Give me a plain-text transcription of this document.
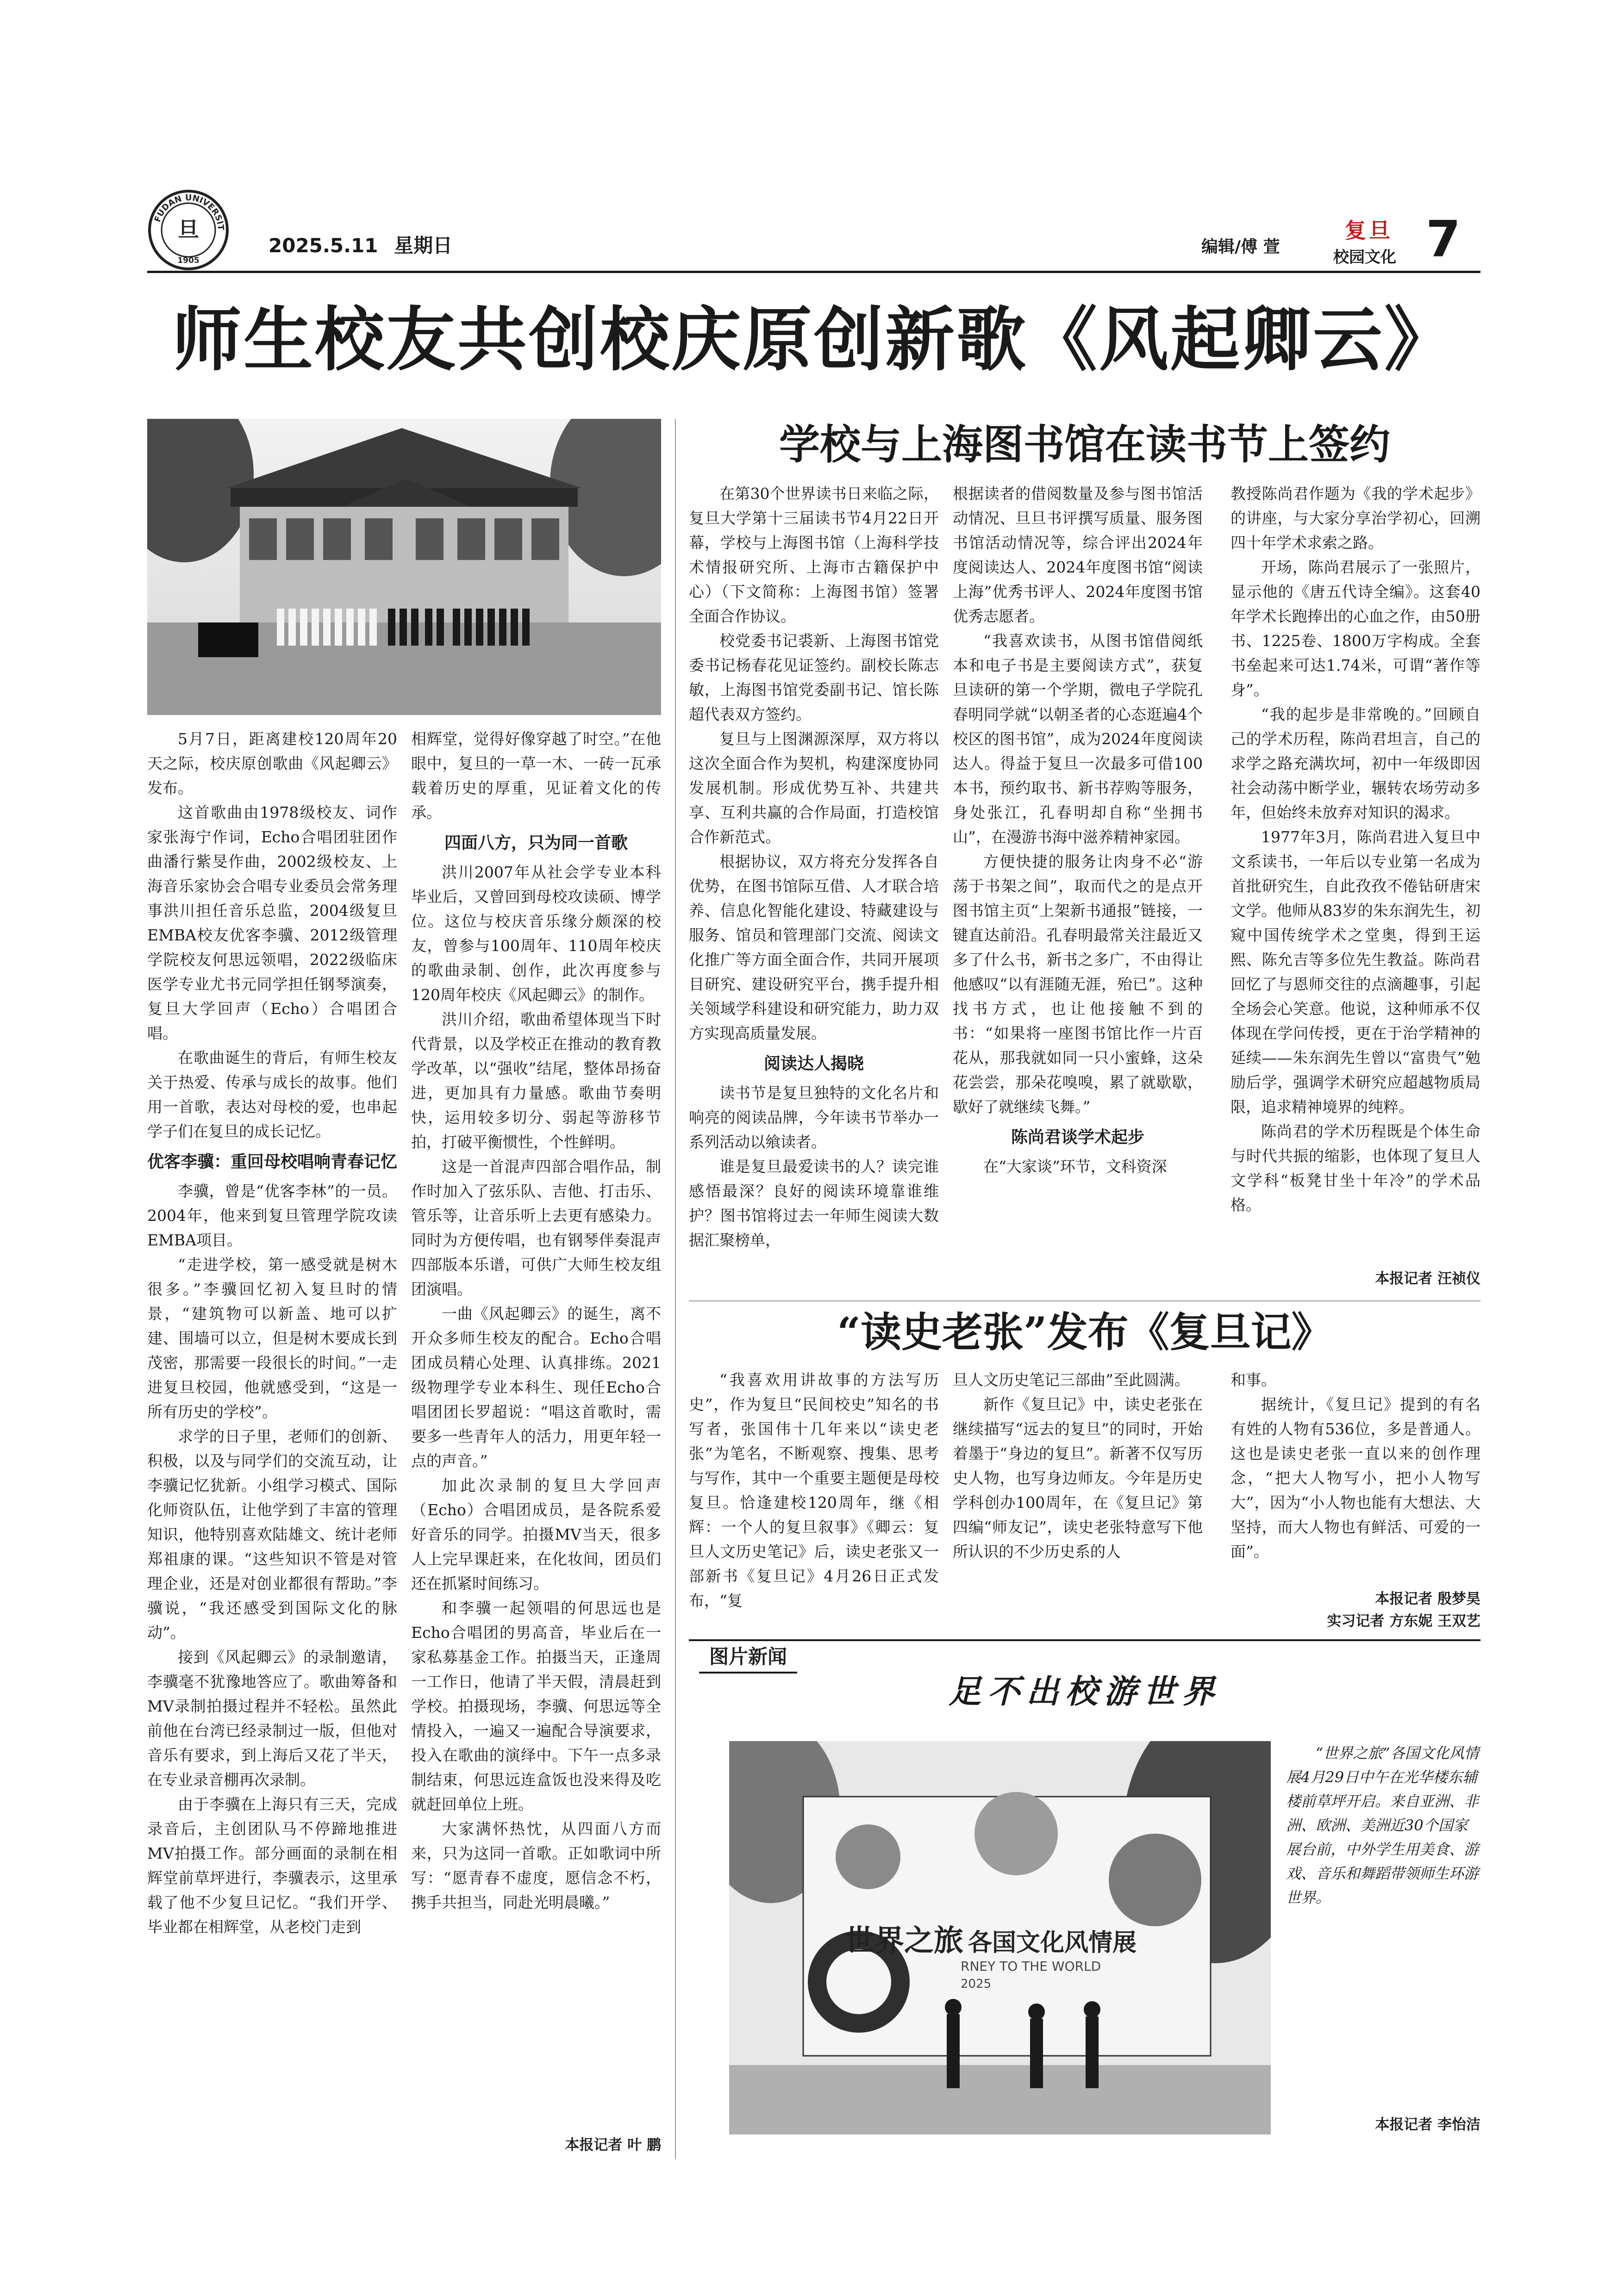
FUDAN UNIVERSIT
旦
1905
2025.5.11 星期日	编辑/傅 萱
复旦
校园文化 7
师生校友共创校庆原创新歌《风起卿云》

5月7日，距离建校120周年20天之际，校庆原创歌曲《风起卿云》发布。

这首歌曲由1978级校友、词作家张海宁作词，Echo合唱团驻团作曲潘行紫旻作曲，2002级校友、上海音乐家协会合唱专业委员会常务理事洪川担任音乐总监，2004级复旦EMBA校友优客李骥、2012级管理学院校友何思远领唱，2022级临床医学专业尤书元同学担任钢琴演奏，复旦大学回声（Echo）合唱团合唱。

在歌曲诞生的背后，有师生校友关于热爱、传承与成长的故事。他们用一首歌，表达对母校的爱，也串起学子们在复旦的成长记忆。

优客李骥：重回母校唱响青春记忆

李骥，曾是“优客李林”的一员。2004年，他来到复旦管理学院攻读EMBA项目。

“走进学校，第一感受就是树木很多。”李骥回忆初入复旦时的情景，“建筑物可以新盖、地可以扩建、围墙可以立，但是树木要成长到茂密，那需要一段很长的时间。”一走进复旦校园，他就感受到，“这是一所有历史的学校”。

求学的日子里，老师们的创新、积极，以及与同学们的交流互动，让李骥记忆犹新。小组学习模式、国际化师资队伍，让他学到了丰富的管理知识，他特别喜欢陆雄文、统计老师郑祖康的课。“这些知识不管是对管理企业，还是对创业都很有帮助。”李骥说，“我还感受到国际文化的脉动”。

接到《风起卿云》的录制邀请，李骥毫不犹豫地答应了。歌曲筹备和MV录制拍摄过程并不轻松。虽然此前他在台湾已经录制过一版，但他对音乐有要求，到上海后又花了半天，在专业录音棚再次录制。

由于李骥在上海只有三天，完成录音后，主创团队马不停蹄地推进MV拍摄工作。部分画面的录制在相辉堂前草坪进行，李骥表示，这里承载了他不少复旦记忆。“我们开学、毕业都在相辉堂，从老校门走到

相辉堂，觉得好像穿越了时空。”在他眼中，复旦的一草一木、一砖一瓦承载着历史的厚重，见证着文化的传承。

四面八方，只为同一首歌

洪川2007年从社会学专业本科毕业后，又曾回到母校攻读硕、博学位。这位与校庆音乐缘分颇深的校友，曾参与100周年、110周年校庆的歌曲录制、创作，此次再度参与120周年校庆《风起卿云》的制作。

洪川介绍，歌曲希望体现当下时代背景，以及学校正在推动的教育教学改革，以“强收”结尾，整体昂扬奋进，更加具有力量感。歌曲节奏明快，运用较多切分、弱起等游移节拍，打破平衡惯性，个性鲜明。

这是一首混声四部合唱作品，制作时加入了弦乐队、吉他、打击乐、管乐等，让音乐听上去更有感染力。同时为方便传唱，也有钢琴伴奏混声四部版本乐谱，可供广大师生校友组团演唱。

一曲《风起卿云》的诞生，离不开众多师生校友的配合。Echo合唱团成员精心处理、认真排练。2021级物理学专业本科生、现任Echo合唱团团长罗超说：“唱这首歌时，需要多一些青年人的活力，用更年轻一点的声音。”

加此次录制的复旦大学回声（Echo）合唱团成员，是各院系爱好音乐的同学。拍摄MV当天，很多人上完早课赶来，在化妆间，团员们还在抓紧时间练习。

和李骥一起领唱的何思远也是Echo合唱团的男高音，毕业后在一家私募基金工作。拍摄当天，正逢周一工作日，他请了半天假，清晨赶到学校。拍摄现场，李骥、何思远等全情投入，一遍又一遍配合导演要求，投入在歌曲的演绎中。下午一点多录制结束，何思远连盒饭也没来得及吃就赶回单位上班。

大家满怀热忱，从四面八方而来，只为这同一首歌。正如歌词中所写：“愿青春不虚度，愿信念不朽，携手共担当，同赴光明晨曦。”

本报记者 叶 鹏
学校与上海图书馆在读书节上签约

在第30个世界读书日来临之际，复旦大学第十三届读书节4月22日开幕，学校与上海图书馆（上海科学技术情报研究所、上海市古籍保护中心）（下文简称：上海图书馆）签署全面合作协议。

校党委书记裘新、上海图书馆党委书记杨春花见证签约。副校长陈志敏，上海图书馆党委副书记、馆长陈超代表双方签约。

复旦与上图渊源深厚，双方将以这次全面合作为契机，构建深度协同发展机制。形成优势互补、共建共享、互利共赢的合作局面，打造校馆合作新范式。

根据协议，双方将充分发挥各自优势，在图书馆际互借、人才联合培养、信息化智能化建设、特藏建设与服务、馆员和管理部门交流、阅读文化推广等方面全面合作，共同开展项目研究、建设研究平台，携手提升相关领域学科建设和研究能力，助力双方实现高质量发展。

阅读达人揭晓

读书节是复旦独特的文化名片和响亮的阅读品牌，今年读书节举办一系列活动以飨读者。

谁是复旦最爱读书的人？读完谁感悟最深？良好的阅读环境靠谁维护？图书馆将过去一年师生阅读大数据汇聚榜单，

根据读者的借阅数量及参与图书馆活动情况、旦旦书评撰写质量、服务图书馆活动情况等，综合评出2024年度阅读达人、2024年度图书馆“阅读上海”优秀书评人、2024年度图书馆优秀志愿者。

“我喜欢读书，从图书馆借阅纸本和电子书是主要阅读方式”，获复旦读研的第一个学期，微电子学院孔春明同学就“以朝圣者的心态逛遍4个校区的图书馆”，成为2024年度阅读达人。得益于复旦一次最多可借100本书，预约取书、新书荐购等服务，身处张江，孔春明却自称“坐拥书山”，在漫游书海中滋养精神家园。

方便快捷的服务让肉身不必“游荡于书架之间”，取而代之的是点开图书馆主页“上架新书通报”链接，一键直达前沿。孔春明最常关注最近又多了什么书，新书之多广，不由得让他感叹“以有涯随无涯，殆已”。这种找书方式，也让他接触不到的书：“如果将一座图书馆比作一片百花从，那我就如同一只小蜜蜂，这朵花尝尝，那朵花嗅嗅，累了就歇歇，歇好了就继续飞舞。”

陈尚君谈学术起步

在“大家谈”环节，文科资深

教授陈尚君作题为《我的学术起步》的讲座，与大家分享治学初心，回溯四十年学术求索之路。

开场，陈尚君展示了一张照片，显示他的《唐五代诗全编》。这套40年学术长跑捧出的心血之作，由50册书、1225卷、1800万字构成。全套书垒起来可达1.74米，可谓“著作等身”。

“我的起步是非常晚的。”回顾自己的学术历程，陈尚君坦言，自己的求学之路充满坎坷，初中一年级即因社会动荡中断学业，辗转农场劳动多年，但始终未放弃对知识的渴求。

1977年3月，陈尚君进入复旦中文系读书，一年后以专业第一名成为首批研究生，自此孜孜不倦钻研唐宋文学。他师从83岁的朱东润先生，初窥中国传统学术之堂奥，得到王运熙、陈允吉等多位先生教益。陈尚君回忆了与恩师交往的点滴趣事，引起全场会心笑意。他说，这种师承不仅体现在学问传授，更在于治学精神的延续——朱东润先生曾以“富贵气”勉励后学，强调学术研究应超越物质局限，追求精神境界的纯粹。

陈尚君的学术历程既是个体生命与时代共振的缩影，也体现了复旦人文学科“板凳甘坐十年冷”的学术品格。

本报记者 汪祯仪
“读史老张”发布《复旦记》

“我喜欢用讲故事的方法写历史”，作为复旦“民间校史”知名的书写者，张国伟十几年来以“读史老张”为笔名，不断观察、搜集、思考与写作，其中一个重要主题便是母校复旦。恰逢建校120周年，继《相辉：一个人的复旦叙事》《卿云：复旦人文历史笔记》后，读史老张又一部新书《复旦记》4月26日正式发布，“复

旦人文历史笔记三部曲”至此圆满。

新作《复旦记》中，读史老张在继续描写“远去的复旦”的同时，开始着墨于“身边的复旦”。新著不仅写历史人物，也写身边师友。今年是历史学科创办100周年，在《复旦记》第四编“师友记”，读史老张特意写下他所认识的不少历史系的人

和事。

据统计，《复旦记》提到的有名有姓的人物有536位，多是普通人。这也是读史老张一直以来的创作理念，“把大人物写小，把小人物写大”，因为“小人物也能有大想法、大坚持，而大人物也有鲜活、可爱的一面”。

本报记者 殷梦昊
实习记者 方东妮 王双艺
图片新闻
足不出校游世界
世界之旅 各国文化风情展
RNEY TO THE WORLD
2025

“世界之旅”各国文化风情展4月29日中午在光华楼东辅楼前草坪开启。来自亚洲、非洲、欧洲、美洲近30个国家展台前，中外学生用美食、游戏、音乐和舞蹈带领师生环游世界。

本报记者 李怡洁
